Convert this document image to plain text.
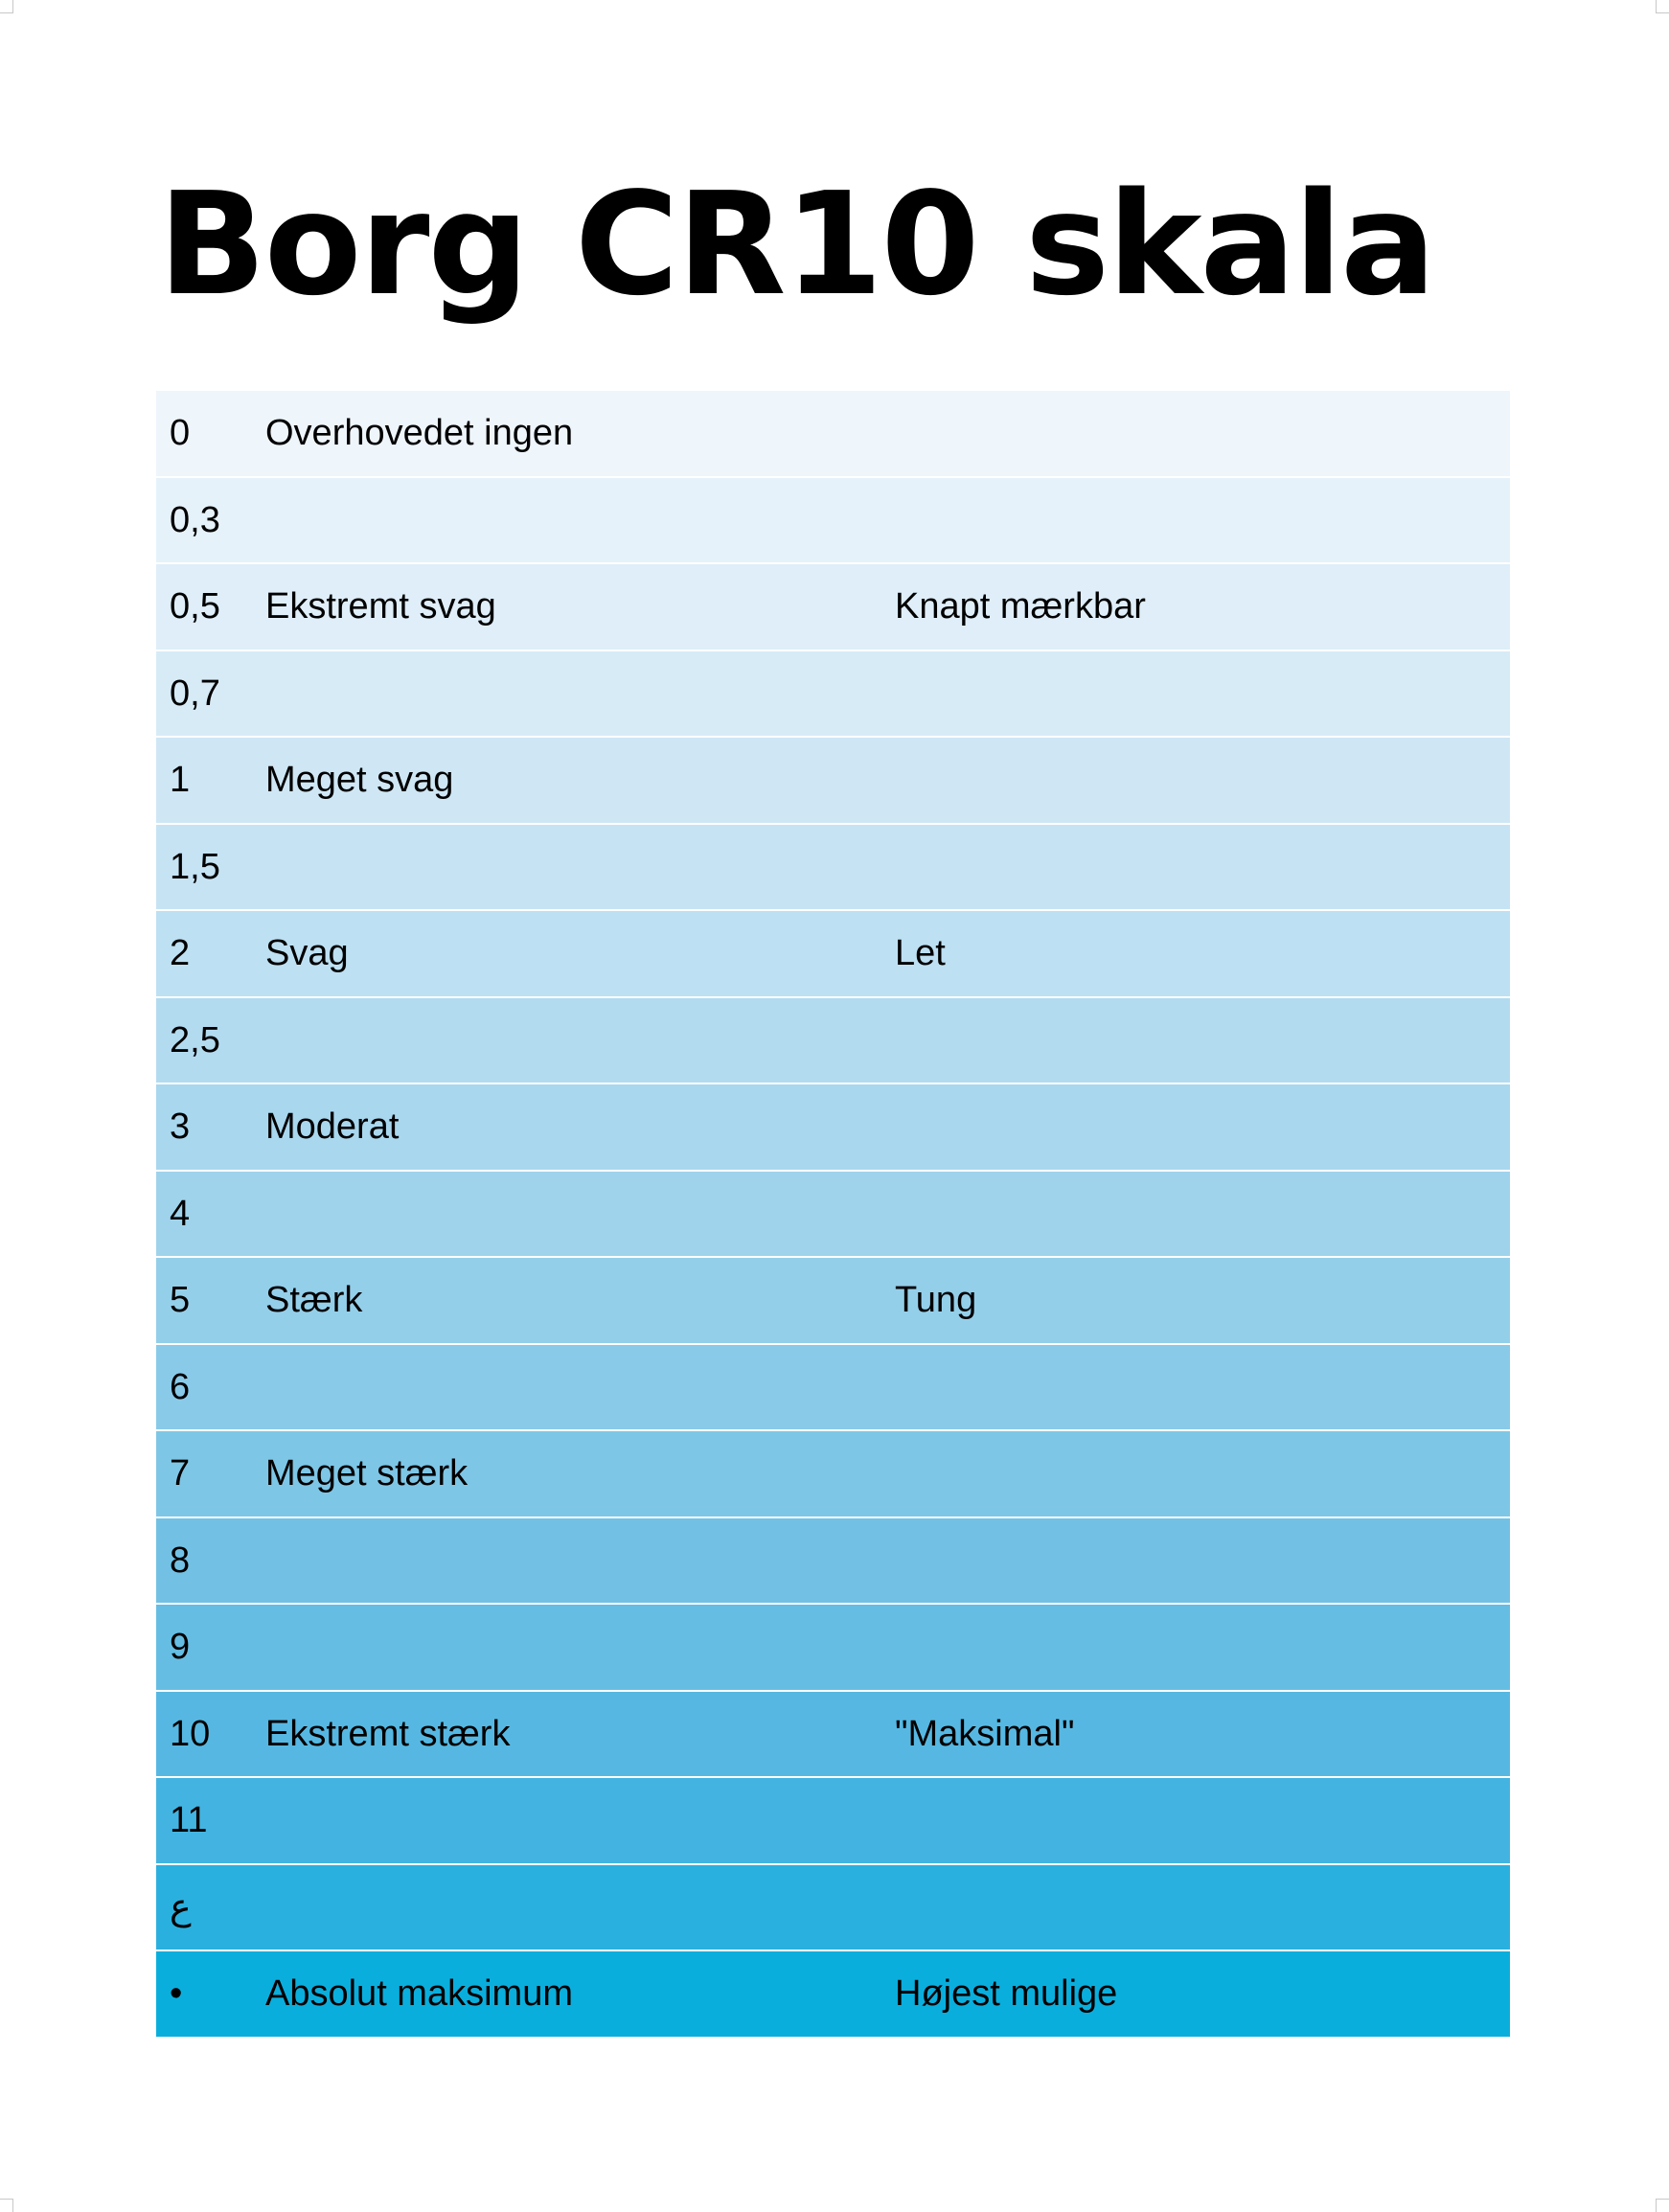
Borg CR10 skala
0 Overhovedet ingen
0,3
0,5 Ekstremt svag	Knapt mærkbar
0,7
1 Meget svag
1,5
2 Svag	Let
2,5
3 Moderat
4
5 Stærk	Tung
6
7 Meget stærk
8
9
10 Ekstremt stærk	"Maksimal"
11
ع
• Absolut maksimum	Højest mulige
